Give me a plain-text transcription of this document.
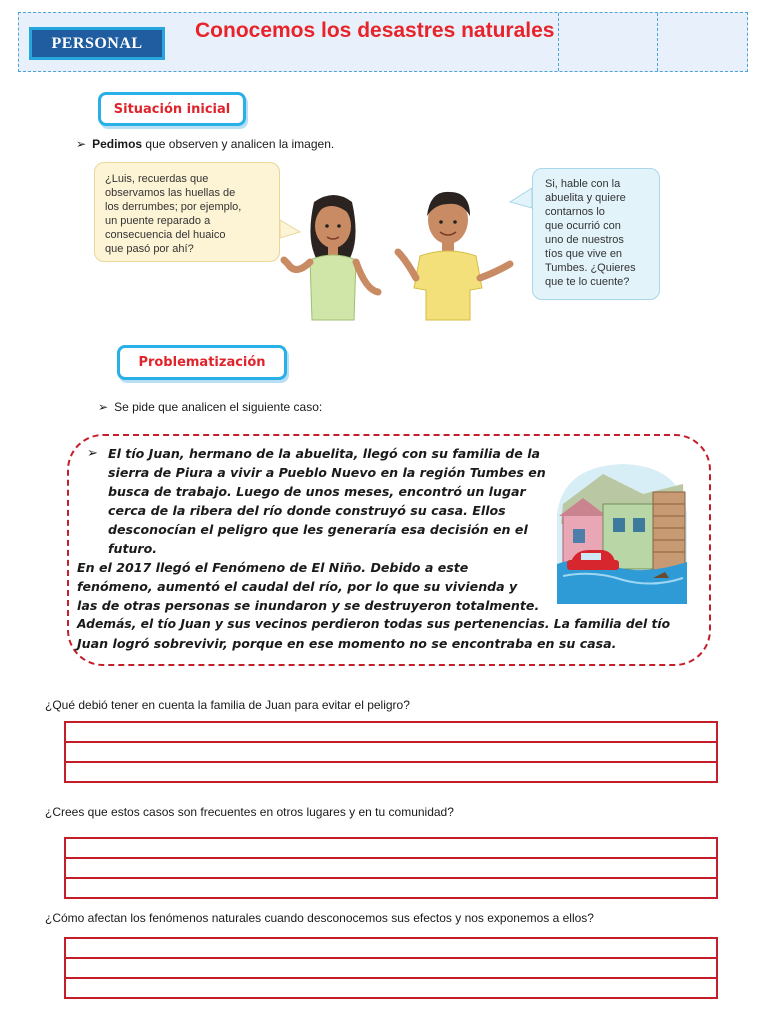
PERSONAL
Conocemos los desastres naturales
Situación inicial
➢ Pedimos que observen y analicen la imagen.
¿Luis, recuerdas que
observamos las huellas de
los derrumbes; por ejemplo,
un puente reparado a
consecuencia del huaico
que pasó por ahí?
Si, hable con la
abuelita y quiere
contarnos lo
que ocurrió con
uno de nuestros
tíos que vive en
Tumbes. ¿Quieres
que te lo cuente?
Problematización
➢ Se pide que analicen el siguiente caso:
➢ El tío Juan, hermano de la abuelita, llegó con su familia de la
sierra de Piura a vivir a Pueblo Nuevo en la región Tumbes en
busca de trabajo. Luego de unos meses, encontró un lugar
cerca de la ribera del río donde construyó su casa. Ellos
desconocían el peligro que les generaría esa decisión en el
futuro.
En el 2017 llegó el Fenómeno de El Niño. Debido a este
fenómeno, aumentó el caudal del río, por lo que su vivienda y
las de otras personas se inundaron y se destruyeron totalmente.
Además, el tío Juan y sus vecinos perdieron todas sus pertenencias. La familia del tío
Juan logró sobrevivir, porque en ese momento no se encontraba en su casa.
¿Qué debió tener en cuenta la familia de Juan para evitar el peligro?
¿Crees que estos casos son frecuentes en otros lugares y en tu comunidad?
¿Cómo afectan los fenómenos naturales cuando desconocemos sus efectos y nos exponemos a ellos?
